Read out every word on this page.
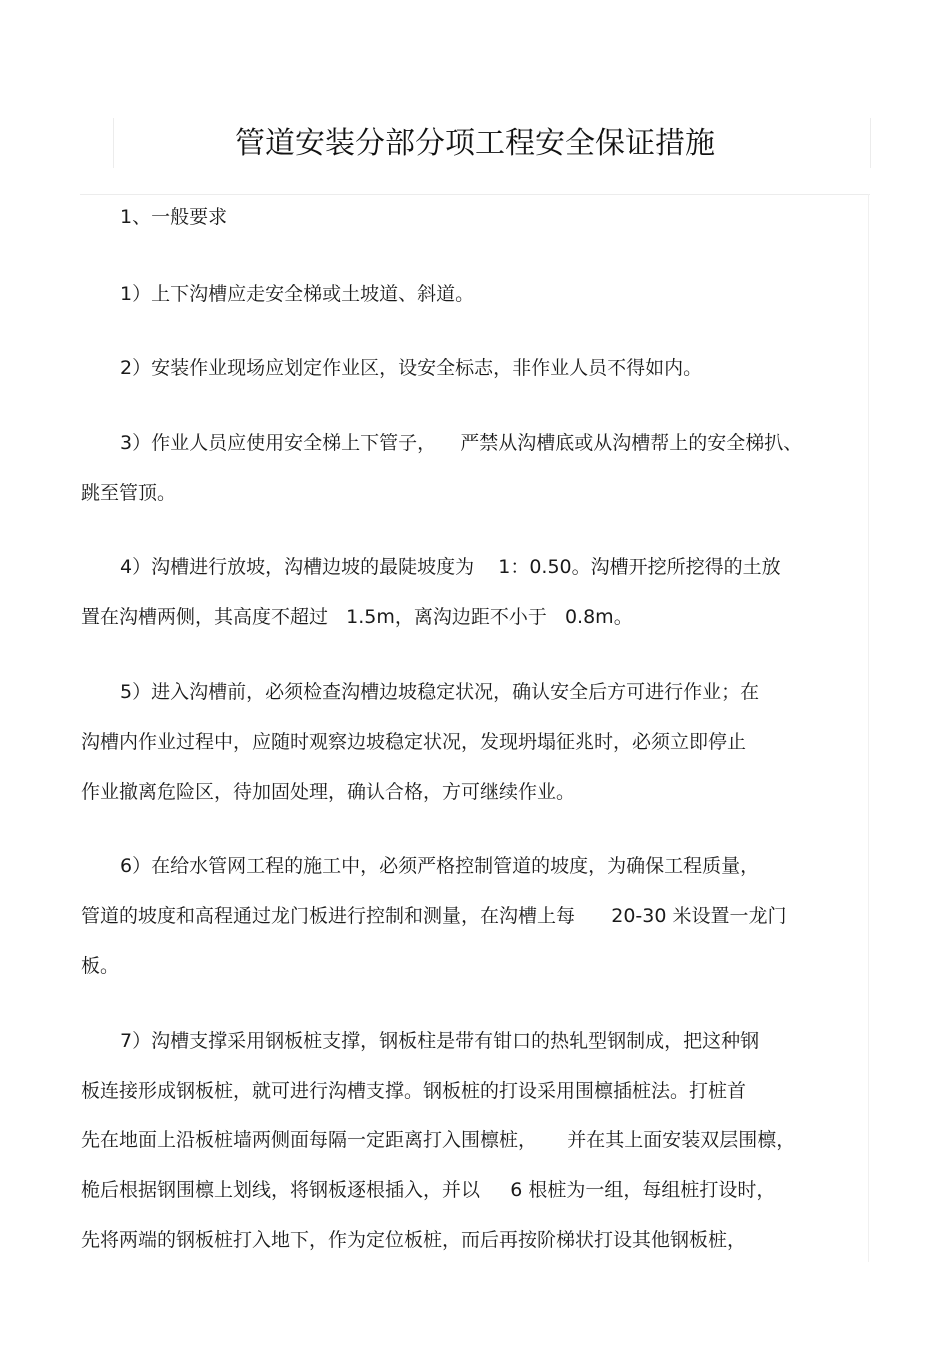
管道安装分部分项工程安全保证措施
1、一般要求
1）上下沟槽应走安全梯或土坡道、斜道。
2）安装作业现场应划定作业区，设安全标志，非作业人员不得如内。
3）作业人员应使用安全梯上下管子，    严禁从沟槽底或从沟槽帮上的安全梯扒、
跳至管顶。
4）沟槽进行放坡，沟槽边坡的最陡坡度为    1：0.50。沟槽开挖所挖得的土放
置在沟槽两侧，其高度不超过   1.5m，离沟边距不小于   0.8m。
5）进入沟槽前，必须检查沟槽边坡稳定状况，确认安全后方可进行作业；在
沟槽内作业过程中，应随时观察边坡稳定状况，发现坍塌征兆时，必须立即停止
作业撤离危险区，待加固处理，确认合格，方可继续作业。
6）在给水管网工程的施工中，必须严格控制管道的坡度，为确保工程质量，
管道的坡度和高程通过龙门板进行控制和测量，在沟槽上每      20-30 米设置一龙门
板。
7）沟槽支撑采用钢板桩支撑，钢板柱是带有钳口的热轧型钢制成，把这种钢
板连接形成钢板桩，就可进行沟槽支撑。钢板桩的打设采用围檩插桩法。打桩首
先在地面上沿板桩墙两侧面每隔一定距离打入围檩桩，     并在其上面安装双层围檩，
桅后根据钢围檩上划线，将钢板逐根插入，并以     6 根桩为一组，每组桩打设时，
先将两端的钢板桩打入地下，作为定位板桩，而后再按阶梯状打设其他钢板桩，
